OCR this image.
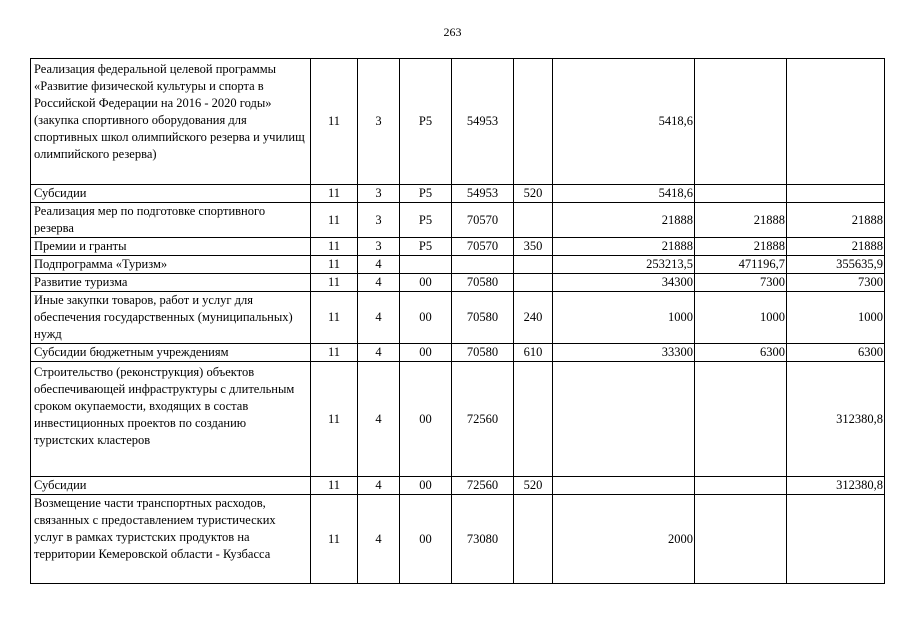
263
Реализация федеральной целевой программы «Развитие физической культуры и спорта в Российской Федерации на 2016 - 2020 годы» (закупка спортивного оборудования для спортивных школ олимпийского резерва и училищ олимпийского резерва)	11	3	Р5	54953		5418,6		
Субсидии	11	3	Р5	54953	520	5418,6		
Реализация мер по подготовке спортивного резерва	11	3	Р5	70570		21888	21888	21888
Премии и гранты	11	3	Р5	70570	350	21888	21888	21888
Подпрограмма «Туризм»	11	4				253213,5	471196,7	355635,9
Развитие туризма	11	4	00	70580		34300	7300	7300
Иные закупки товаров, работ и услуг для обеспечения государственных (муниципальных) нужд	11	4	00	70580	240	1000	1000	1000
Субсидии бюджетным учреждениям	11	4	00	70580	610	33300	6300	6300
Строительство (реконструкция) объектов обеспечивающей инфраструктуры с длительным сроком окупаемости, входящих в состав инвестиционных проектов по созданию туристских кластеров	11	4	00	72560				312380,8
Субсидии	11	4	00	72560	520			312380,8
Возмещение части транспортных расходов, связанных с предоставлением туристических услуг в рамках туристских продуктов на территории Кемеровской области - Кузбасса	11	4	00	73080		2000		
